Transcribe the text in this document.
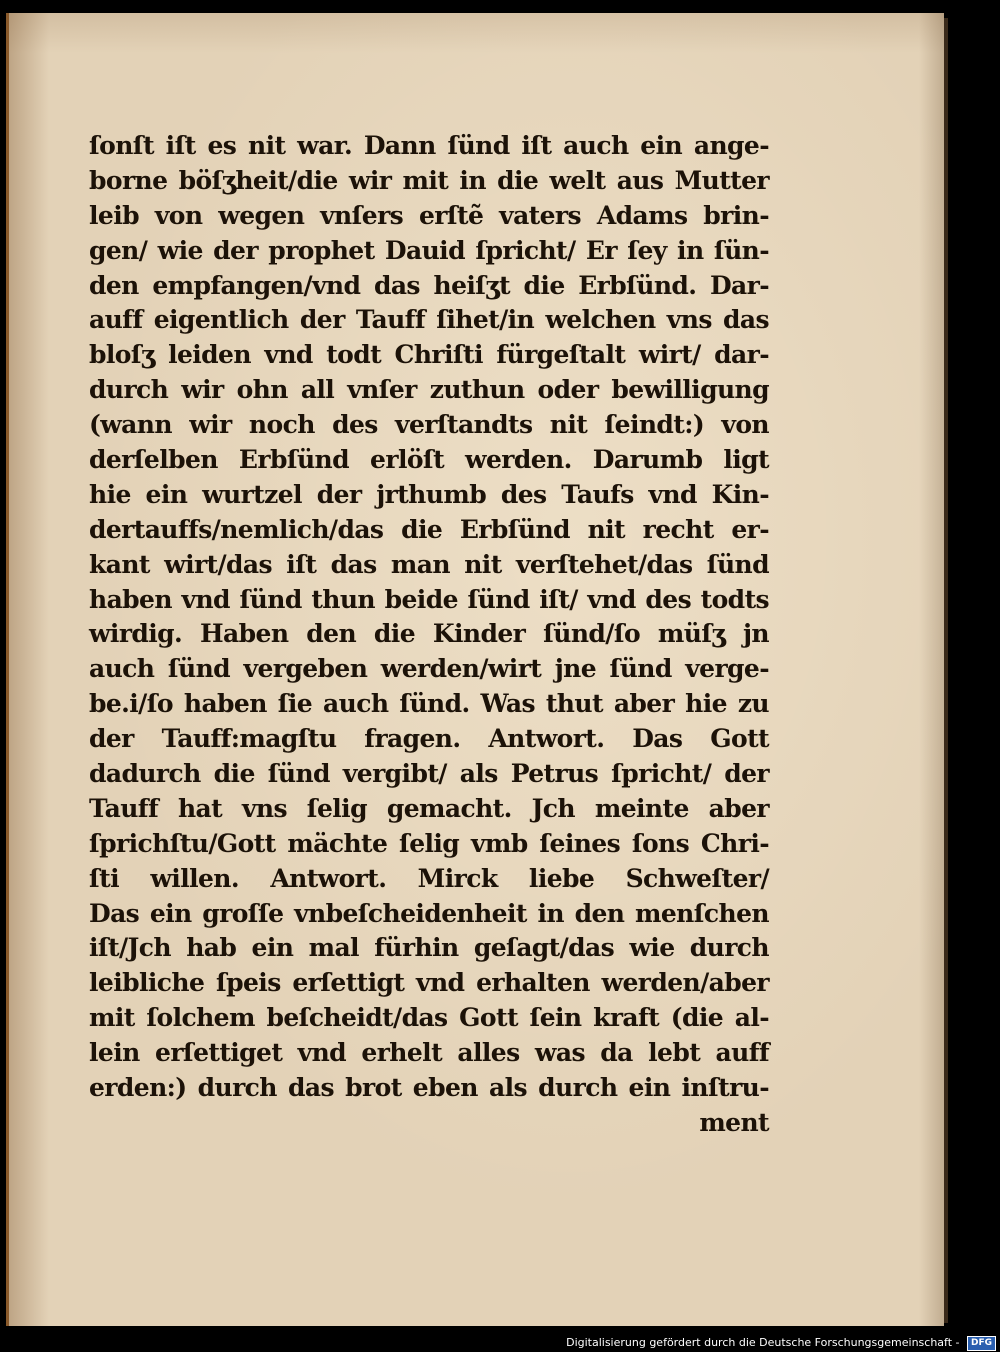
ſonſt iſt es nit war. Dann ſünd iſt auch ein ange-
borne böſʒheit/die wir mit in die welt aus Mutter
leib von wegen vnſers erſtẽ vaters Adams brin-
gen/ wie der prophet Dauid ſpricht/ Er ſey in ſün-
den empfangen/vnd das heiſʒt die Erbſünd. Dar-
auff eigentlich der Tauff ſihet/in welchen vns das
bloſʒ leiden vnd todt Chriſti fürgeſtalt wirt/ dar-
durch wir ohn all vnſer zuthun oder bewilligung
(wann wir noch des verſtandts nit ſeindt:) von
derſelben Erbſünd erlöſt werden. Darumb ligt
hie ein wurtzel der jrthumb des Taufs vnd Kin-
dertauffs/nemlich/das die Erbſünd nit recht er-
kant wirt/das iſt das man nit verſtehet/das ſünd
haben vnd ſünd thun beide ſünd iſt/ vnd des todts
wirdig. Haben den die Kinder ſünd/ſo müſʒ jn
auch ſünd vergeben werden/wirt jne ſünd verge-
be.i/ſo haben ſie auch ſünd. Was thut aber hie zu
der Tauff:magſtu fragen. Antwort. Das Gott
dadurch die ſünd vergibt/ als Petrus ſpricht/ der
Tauff hat vns ſelig gemacht. Jch meinte aber
ſprichſtu/Gott mächte ſelig vmb ſeines ſons Chri-
ſti willen. Antwort. Mirck liebe Schweſter/
Das ein groſſe vnbeſcheidenheit in den menſchen
iſt/Jch hab ein mal fürhin geſagt/das wie durch
leibliche ſpeis erſettigt vnd erhalten werden/aber
mit ſolchem beſcheidt/das Gott ſein kraft (die al-
lein erſettiget vnd erhelt alles was da lebt auff
erden:) durch das brot eben als durch ein inſtru-
ment
Digitalisierung gefördert durch die Deutsche Forschungsgemeinschaft - DFG
